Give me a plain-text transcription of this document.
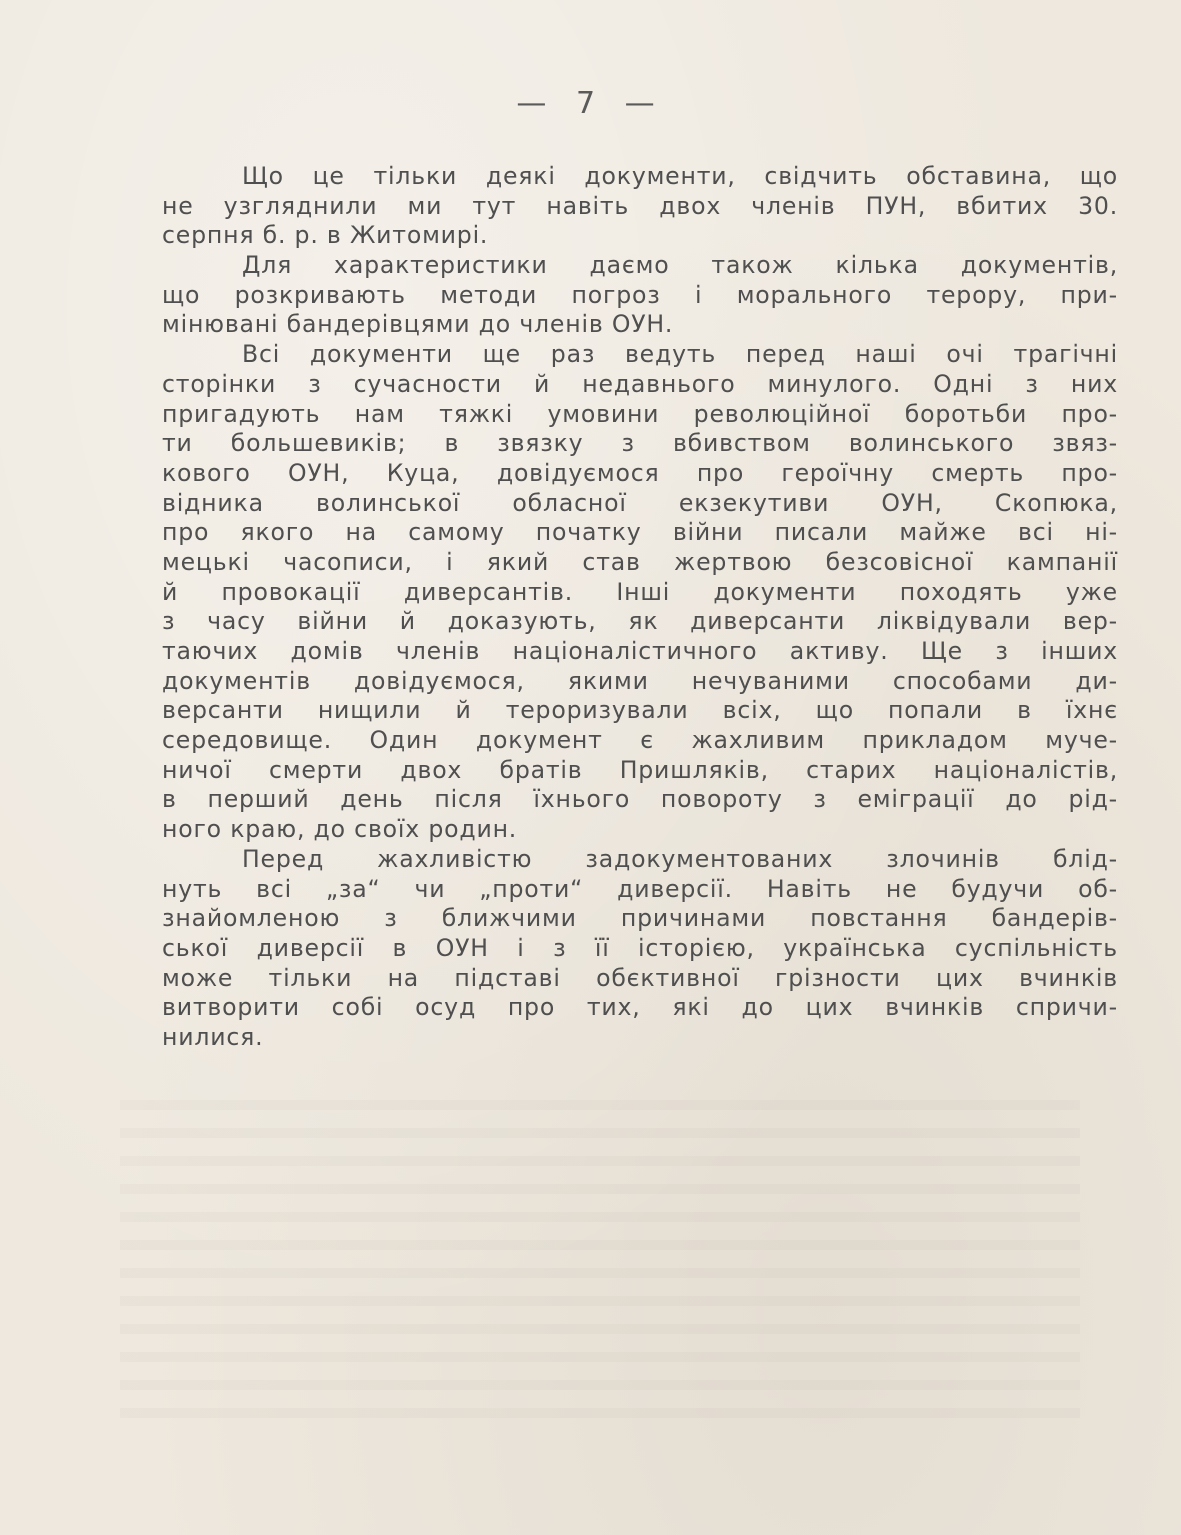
— 7 —

Що це тільки деякі документи, свідчить обставина, що
не узгляднили ми тут навіть двох членів ПУН, вбитих 30.
серпня б. р. в Житомирі.

Для характеристики даємо також кілька документів,
що розкривають методи погроз і морального терору, при-
мінювані бандерівцями до членів ОУН.

Всі документи ще раз ведуть перед наші очі трагічні
сторінки з сучасности й недавнього минулого. Одні з них
пригадують нам тяжкі умовини революційної боротьби про-
ти большевиків; в звязку з вбивством волинського звяз-
кового ОУН, Куца, довідуємося про героїчну смерть про-
відника волинської обласної екзекутиви ОУН, Скопюка,
про якого на самому початку війни писали майже всі ні-
мецькі часописи, і який став жертвою безсовісної кампанії
й провокації диверсантів. Інші документи походять уже
з часу війни й доказують, як диверсанти ліквідували вер-
таючих домів членів націоналістичного активу. Ще з інших
документів довідуємося, якими нечуваними способами ди-
версанти нищили й тероризували всіх, що попали в їхнє
середовище. Один документ є жахливим прикладом муче-
ничої смерти двох братів Пришляків, старих націоналістів,
в перший день після їхнього повороту з еміграції до рід-
ного краю, до своїх родин.

Перед жахливістю задокументованих злочинів блід-
нуть всі „за“ чи „проти“ диверсії. Навіть не будучи об-
знайомленою з ближчими причинами повстання бандерів-
ської диверсії в ОУН і з її історією, українська суспільність
може тільки на підставі обєктивної грізности цих вчинків
витворити собі осуд про тих, які до цих вчинків спричи-
нилися.
